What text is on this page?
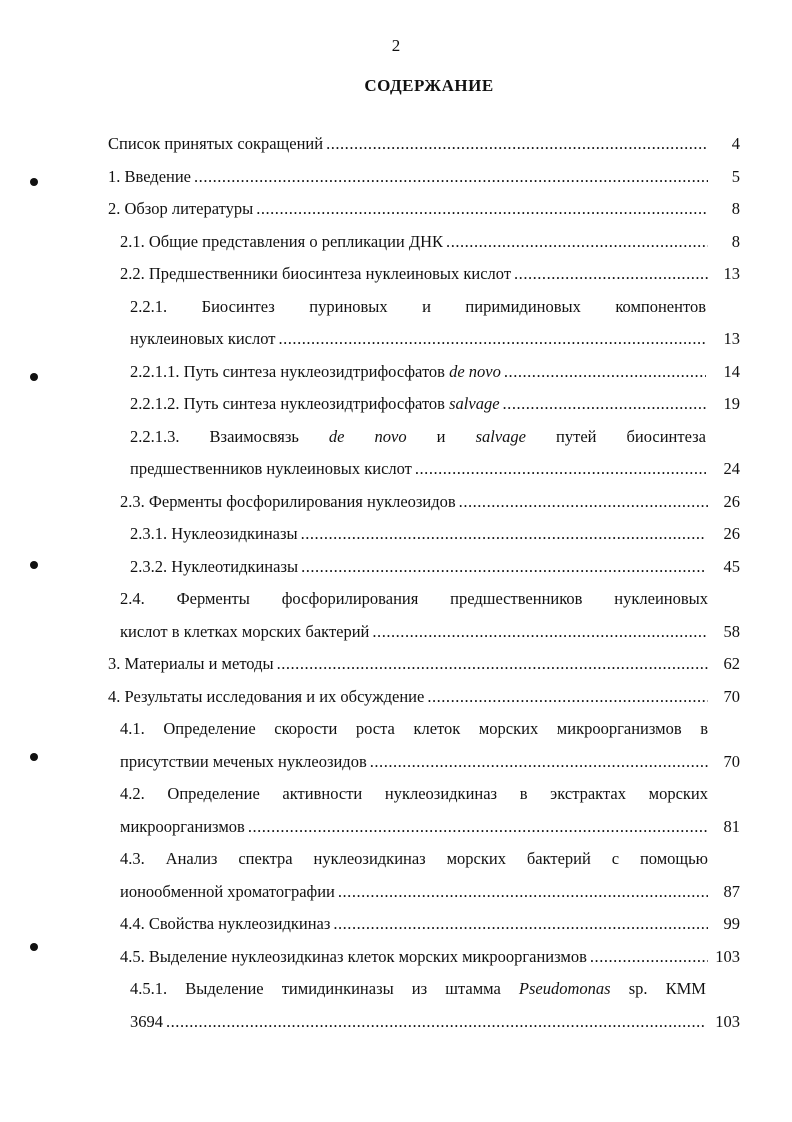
2
СОДЕРЖАНИЕ
Список принятых сокращений . . .	4
1. Введение . . .	5
2. Обзор литературы . . .	8
2.1. Общие представления о репликации ДНК . . .	8
2.2. Предшественники биосинтеза нуклеиновых кислот . . .	13
2.2.1.   Биосинтез   пуриновых   и   пиримидиновых   компонентов
нуклеиновых кислот . . .	13
2.2.1.1. Путь синтеза нуклеозидтрифосфатов de novo . . .	14
2.2.1.2. Путь синтеза нуклеозидтрифосфатов salvage . . .	19
2.2.1.3.   Взаимосвязь   de   novo   и   salvage   путей   биосинтеза
предшественников нуклеиновых кислот . . .	24
2.3. Ферменты фосфорилирования нуклеозидов . . .	26
2.3.1. Нуклеозидкиназы . . .	26
2.3.2. Нуклеотидкиназы . . .	45
2.4.  Ферменты  фосфорилирования  предшественников  нуклеиновых
кислот в клетках морских бактерий . . .	58
3. Материалы и методы . . .	62
4. Результаты исследования и их обсуждение . . .	70
4.1.  Определение  скорости  роста  клеток  морских  микроорганизмов  в
присутствии меченых нуклеозидов . . .	70
4.2.  Определение  активности  нуклеозидкиназ  в  экстрактах  морских
микроорганизмов . . .	81
4.3.  Анализ  спектра  нуклеозидкиназ  морских  бактерий  с  помощью
ионообменной хроматографии . . .	87
4.4. Свойства нуклеозидкиназ . . .	99
4.5. Выделение нуклеозидкиназ клеток морских микроорганизмов . . .	103
4.5.1.  Выделение  тимидинкиназы  из  штамма  Pseudomonas  sp.  КММ
3694 . . .	103
